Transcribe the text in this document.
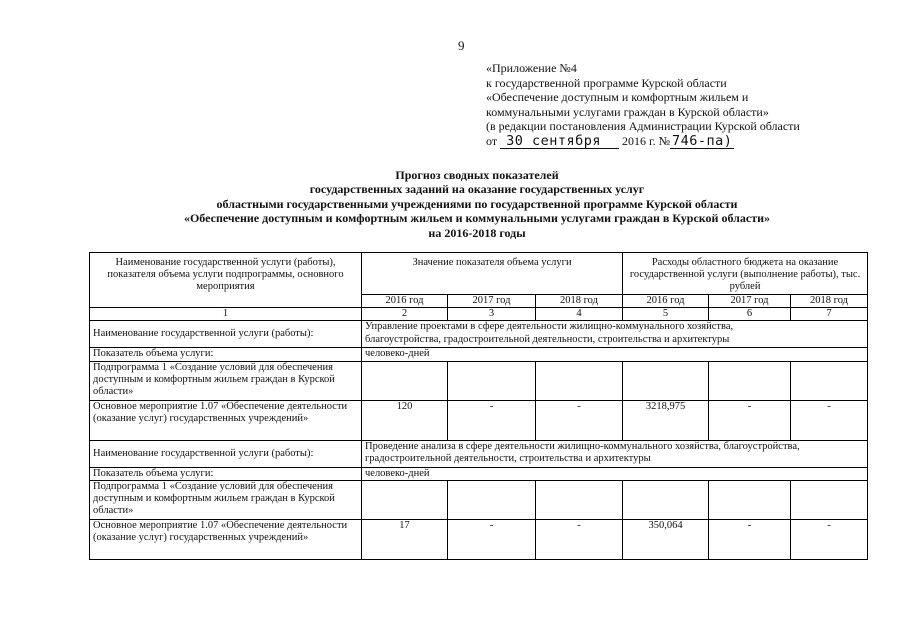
9
«Приложение №4
к государственной программе Курской области
«Обеспечение доступным и комфортным жильем и
коммунальными услугами граждан в Курской области»
(в редакции постановления Администрации Курской области
от 30 сентября 2016 г. № 746-па)
Прогноз сводных показателей
государственных заданий на оказание государственных услуг
областными государственными учреждениями по государственной программе Курской области
«Обеспечение доступным и комфортным жильем и коммунальными услугами граждан в Курской области»
на 2016-2018 годы
Наименование государственной услуги (работы), показателя объема услуги подпрограммы, основного мероприятия	Значение показателя объема услуги			Расходы областного бюджета на оказание государственной услуги (выполнение работы), тыс. рублей		
	2016 год	2017 год	2018 год	2016 год	2017 год	2018 год
1	2	3	4	5	6	7
Наименование государственной услуги (работы):	Управление проектами в сфере деятельности жилищно-коммунального хозяйства,
благоустройства, градостроительной деятельности, строительства и архитектуры					

Показатель объема услуги:	человеко-дней					
Подпрограмма 1 «Создание условий для обеспечения доступным и комфортным жильем граждан в Курской области»						
Основное мероприятие 1.07 «Обеспечение деятельности (оказание услуг) государственных учреждений»	120	-	-	3218,975	-	-
Наименование государственной услуги (работы):	Проведение анализа в сфере деятельности жилищно-коммунального хозяйства, благоустройства,
градостроительной деятельности, строительства и архитектуры					

Показатель объема услуги:	человеко-дней					
Подпрограмма 1 «Создание условий для обеспечения доступным и комфортным жильем граждан в Курской области»						
Основное мероприятие 1.07 «Обеспечение деятельности (оказание услуг) государственных учреждений»	17	-	-	350,064	-	-
